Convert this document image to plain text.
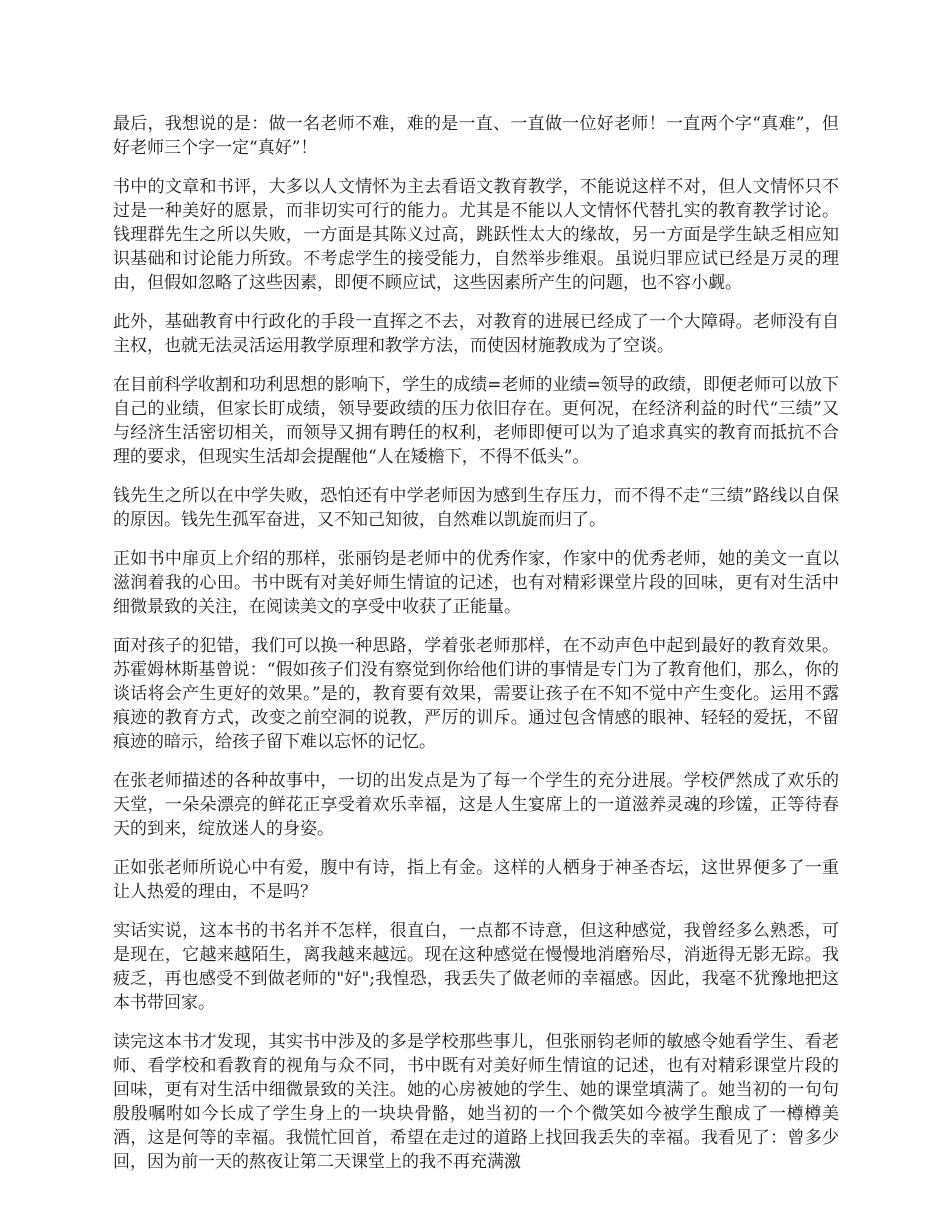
最后，我想说的是：做一名老师不难，难的是一直、一直做一位好老师！一直两个字“真难”，但好老师三个字一定“真好”！

书中的文章和书评，大多以人文情怀为主去看语文教育教学，不能说这样不对，但人文情怀只不过是一种美好的愿景，而非切实可行的能力。尤其是不能以人文情怀代替扎实的教育教学讨论。钱理群先生之所以失败，一方面是其陈义过高，跳跃性太大的缘故，另一方面是学生缺乏相应知识基础和讨论能力所致。不考虑学生的接受能力，自然举步维艰。虽说归罪应试已经是万灵的理由，但假如忽略了这些因素，即便不顾应试，这些因素所产生的问题，也不容小觑。

此外，基础教育中行政化的手段一直挥之不去，对教育的进展已经成了一个大障碍。老师没有自主权，也就无法灵活运用教学原理和教学方法，而使因材施教成为了空谈。

在目前科学收割和功利思想的影响下，学生的成绩=老师的业绩=领导的政绩，即便老师可以放下自己的业绩，但家长盯成绩，领导要政绩的压力依旧存在。更何况，在经济利益的时代“三绩”又与经济生活密切相关，而领导又拥有聘任的权利，老师即便可以为了追求真实的教育而抵抗不合理的要求，但现实生活却会提醒他“人在矮檐下，不得不低头”。

钱先生之所以在中学失败，恐怕还有中学老师因为感到生存压力，而不得不走“三绩”路线以自保的原因。钱先生孤军奋进，又不知己知彼，自然难以凯旋而归了。

正如书中扉页上介绍的那样，张丽钧是老师中的优秀作家，作家中的优秀老师，她的美文一直以滋润着我的心田。书中既有对美好师生情谊的记述，也有对精彩课堂片段的回味，更有对生活中细微景致的关注，在阅读美文的享受中收获了正能量。

面对孩子的犯错，我们可以换一种思路，学着张老师那样，在不动声色中起到最好的教育效果。苏霍姆林斯基曾说：“假如孩子们没有察觉到你给他们讲的事情是专门为了教育他们，那么，你的谈话将会产生更好的效果。”是的，教育要有效果，需要让孩子在不知不觉中产生变化。运用不露痕迹的教育方式，改变之前空洞的说教，严厉的训斥。通过包含情感的眼神、轻轻的爱抚，不留痕迹的暗示，给孩子留下难以忘怀的记忆。

在张老师描述的各种故事中，一切的出发点是为了每一个学生的充分进展。学校俨然成了欢乐的天堂，一朵朵漂亮的鲜花正享受着欢乐幸福，这是人生宴席上的一道滋养灵魂的珍馐，正等待春天的到来，绽放迷人的身姿。

正如张老师所说心中有爱，腹中有诗，指上有金。这样的人栖身于神圣杏坛，这世界便多了一重让人热爱的理由，不是吗？

实话实说，这本书的书名并不怎样，很直白，一点都不诗意，但这种感觉，我曾经多么熟悉，可是现在，它越来越陌生，离我越来越远。现在这种感觉在慢慢地消磨殆尽，消逝得无影无踪。我疲乏，再也感受不到做老师的"好";我惶恐，我丢失了做老师的幸福感。因此，我毫不犹豫地把这本书带回家。

读完这本书才发现，其实书中涉及的多是学校那些事儿，但张丽钧老师的敏感令她看学生、看老师、看学校和看教育的视角与众不同，书中既有对美好师生情谊的记述，也有对精彩课堂片段的回味，更有对生活中细微景致的关注。她的心房被她的学生、她的课堂填满了。她当初的一句句殷殷嘱咐如今长成了学生身上的一块块骨骼，她当初的一个个微笑如今被学生酿成了一樽樽美酒，这是何等的幸福。我慌忙回首，希望在走过的道路上找回我丢失的幸福。我看见了：曾多少回，因为前一天的熬夜让第二天课堂上的我不再充满激
